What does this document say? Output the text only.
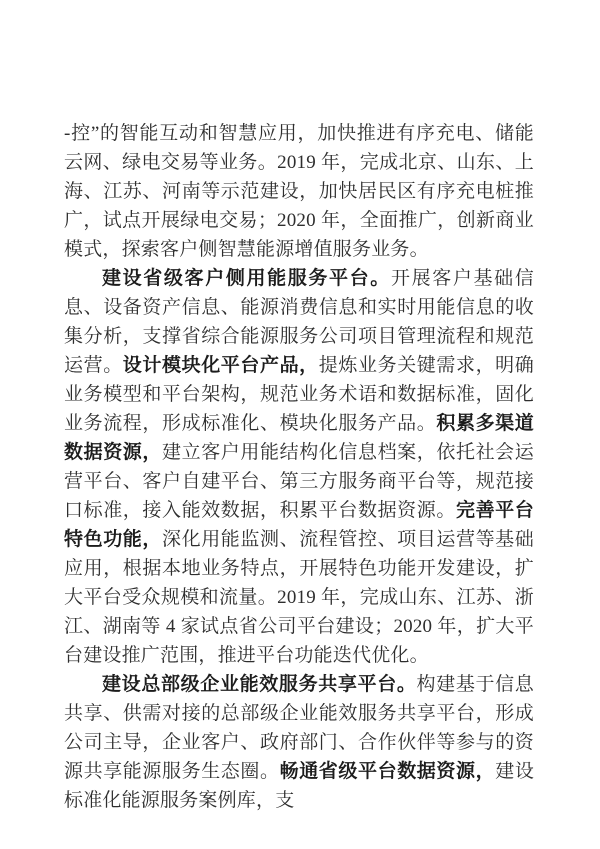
-控”的智能互动和智慧应用，加快推进有序充电、储能云网、绿电交易等业务。2019 年，完成北京、山东、上海、江苏、河南等示范建设，加快居民区有序充电桩推广，试点开展绿电交易；2020 年，全面推广，创新商业模式，探索客户侧智慧能源增值服务业务。

建设省级客户侧用能服务平台。开展客户基础信息、设备资产信息、能源消费信息和实时用能信息的收集分析，支撑省综合能源服务公司项目管理流程和规范运营。设计模块化平台产品，提炼业务关键需求，明确业务模型和平台架构，规范业务术语和数据标准，固化业务流程，形成标准化、模块化服务产品。积累多渠道数据资源，建立客户用能结构化信息档案，依托社会运营平台、客户自建平台、第三方服务商平台等，规范接口标准，接入能效数据，积累平台数据资源。完善平台特色功能，深化用能监测、流程管控、项目运营等基础应用，根据本地业务特点，开展特色功能开发建设，扩大平台受众规模和流量。2019 年，完成山东、江苏、浙江、湖南等 4 家试点省公司平台建设；2020 年，扩大平台建设推广范围，推进平台功能迭代优化。

建设总部级企业能效服务共享平台。构建基于信息共享、供需对接的总部级企业能效服务共享平台，形成公司主导，企业客户、政府部门、合作伙伴等参与的资源共享能源服务生态圈。畅通省级平台数据资源，建设标准化能源服务案例库，支
